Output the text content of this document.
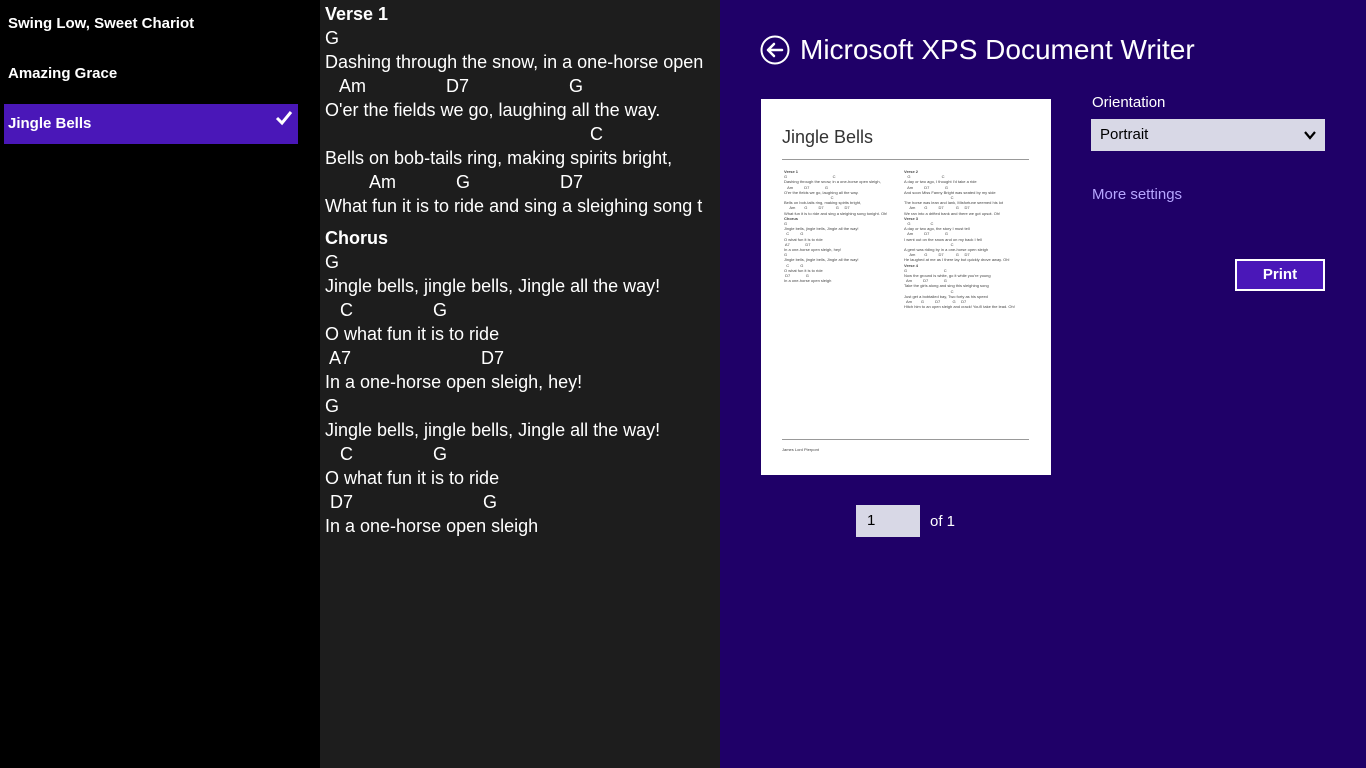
Swing Low, Sweet Chariot
Amazing Grace
Jingle Bells
Verse 1
G
Dashing through the snow, in a one-horse open
Am                D7                    G
O'er the fields we go, laughing all the way.
C
Bells on bob-tails ring, making spirits bright,
Am            G                  D7
What fun it is to ride and sing a sleighing song t
Chorus
G
Jingle bells, jingle bells, Jingle all the way!
C                G
O what fun it is to ride
A7                          D7
In a one-horse open sleigh, hey!
G
Jingle bells, jingle bells, Jingle all the way!
C                G
O what fun it is to ride
D7                          G
In a one-horse open sleigh
Microsoft XPS Document Writer
Jingle Bells
Verse 1
G                                         C
Dashing through the snow, in a one-horse open sleigh,
Am          D7              G
O'er the fields we go, laughing all the way.
C
Bells on bob-tails ring, making spirits bright,
Am        G          D7           G     D7
What fun it is to ride and sing a sleighing song tonight. Oh!
Chorus
G
Jingle bells, jingle bells, Jingle all the way!
C          G
O what fun it is to ride
A7              D7
In a one-horse open sleigh, hey!
G
Jingle bells, jingle bells, Jingle all the way!
C          G
O what fun it is to ride
D7              G
In a one-horse open sleigh
Verse 2
G                            C
A day or two ago, I thought I'd take a ride
Am          D7              G
And soon Miss Fanny Bright was seated by my side
C
The horse was lean and lank, Misfortune seemed his lot
Am        G          D7           G     D7
We ran into a drifted bank and there we got upsot. Oh!
Verse 3
G                  C
A day or two ago, the story I must tell
Am          D7              G
I went out on the snow and on my back I fell
C
A gent was riding by in a one-horse open sleigh
Am        G          D7           G     D7
He laughed at me as I there lay but quickly drove away. Oh!
Verse 4
G                                 C
Now the ground is white, go it while you're young
Am          D7              G
Take the girls along and sing this sleighing song
C
Just get a bobtailed bay, Two forty as his speed
Am        G          D7           G     D7
Hitch him to an open sleigh and crack! You'll take the lead. Oh!
James Lord Pierpont
Orientation
Portrait
More settings
Print
1	of 1
